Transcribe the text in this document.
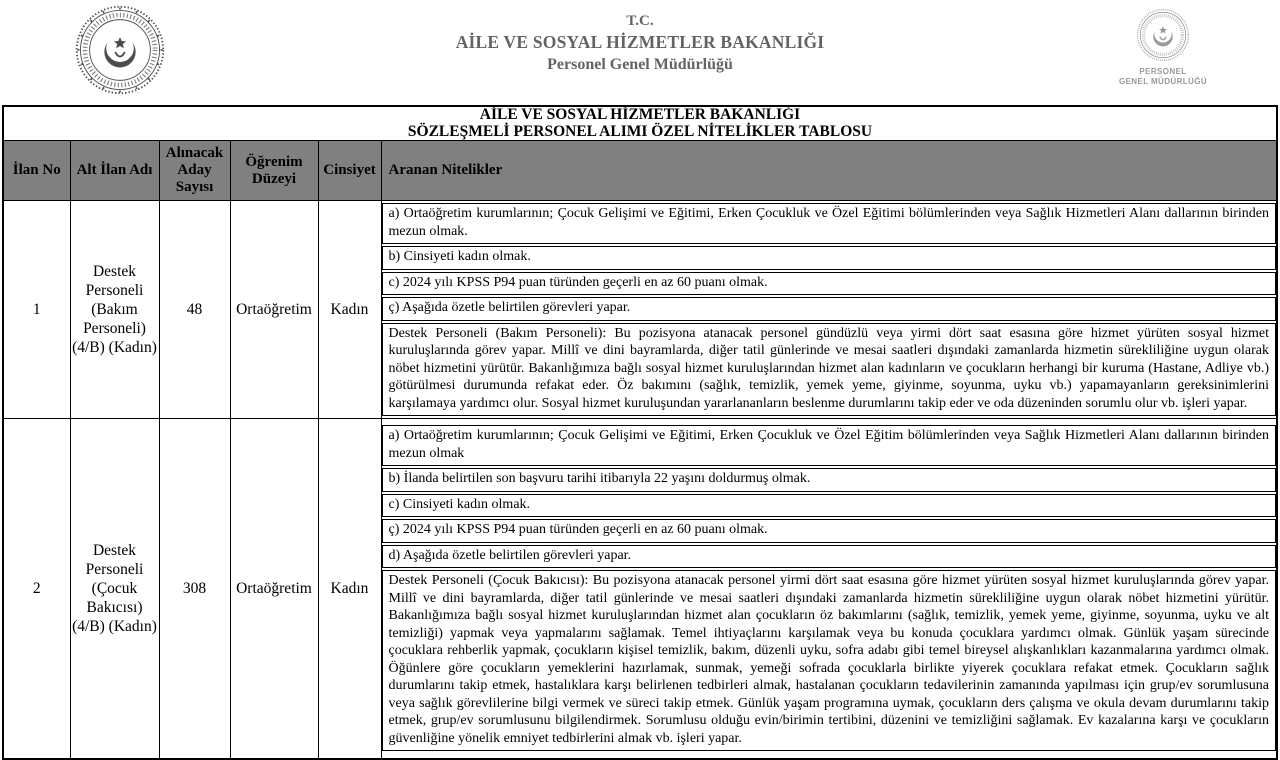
T.C.
AİLE VE SOSYAL HİZMETLER BAKANLIĞI
Personel Genel Müdürlüğü	PERSONEL
GENEL MÜDÜRLÜĞÜ
AİLE VE SOSYAL HİZMETLER BAKANLIĞI
SÖZLEŞMELİ PERSONEL ALIMI ÖZEL NİTELİKLER TABLOSU					

İlan No	Alt İlan Adı	Alınacak Aday Sayısı	Öğrenim Düzeyi	Cinsiyet	Aranan Nitelikler
1	Destek Personeli (Bakım Personeli) (4/B) (Kadın)	48	Ortaöğretim	Kadın	a) Ortaöğretim kurumlarının; Çocuk Gelişimi ve Eğitimi, Erken Çocukluk ve Özel Eğitimi bölümlerinden veya Sağlık Hizmetleri Alanı dallarının birinden mezun olmak.
b) Cinsiyeti kadın olmak.
c) 2024 yılı KPSS P94 puan türünden geçerli en az 60 puanı olmak.
ç) Aşağıda özetle belirtilen görevleri yapar.
Destek Personeli (Bakım Personeli): Bu pozisyona atanacak personel gündüzlü veya yirmi dört saat esasına göre hizmet yürüten sosyal hizmet kuruluşlarında görev yapar. Millî ve dini bayramlarda, diğer tatil günlerinde ve mesai saatleri dışındaki zamanlarda hizmetin sürekliliğine uygun olarak nöbet hizmetini yürütür. Bakanlığımıza bağlı sosyal hizmet kuruluşlarından hizmet alan kadınların ve çocukların herhangi bir kuruma (Hastane, Adliye vb.) götürülmesi durumunda refakat eder. Öz bakımını (sağlık, temizlik, yemek yeme, giyinme, soyunma, uyku vb.) yapamayanların gereksinimlerini karşılamaya yardımcı olur. Sosyal hizmet kuruluşundan yararlananların beslenme durumlarını takip eder ve oda düzeninden sorumlu olur vb. işleri yapar.

2	Destek Personeli (Çocuk Bakıcısı) (4/B) (Kadın)	308	Ortaöğretim	Kadın	
a) Ortaöğretim kurumlarının; Çocuk Gelişimi ve Eğitimi, Erken Çocukluk ve Özel Eğitim bölümlerinden veya Sağlık Hizmetleri Alanı dallarının birinden mezun olmak
b) İlanda belirtilen son başvuru tarihi itibarıyla 22 yaşını doldurmuş olmak.
c) Cinsiyeti kadın olmak.
ç) 2024 yılı KPSS P94 puan türünden geçerli en az 60 puanı olmak.
d) Aşağıda özetle belirtilen görevleri yapar.
Destek Personeli (Çocuk Bakıcısı): Bu pozisyona atanacak personel yirmi dört saat esasına göre hizmet yürüten sosyal hizmet kuruluşlarında görev yapar. Millî ve dini bayramlarda, diğer tatil günlerinde ve mesai saatleri dışındaki zamanlarda hizmetin sürekliliğine uygun olarak nöbet hizmetini yürütür. Bakanlığımıza bağlı sosyal hizmet kuruluşlarından hizmet alan çocukların öz bakımlarını (sağlık, temizlik, yemek yeme, giyinme, soyunma, uyku ve alt temizliği) yapmak veya yapmalarını sağlamak. Temel ihtiyaçlarını karşılamak veya bu konuda çocuklara yardımcı olmak. Günlük yaşam sürecinde çocuklara rehberlik yapmak, çocukların kişisel temizlik, bakım, düzenli uyku, sofra adabı gibi temel bireysel alışkanlıkları kazanmalarına yardımcı olmak. Öğünlere göre çocukların yemeklerini hazırlamak, sunmak, yemeği sofrada çocuklarla birlikte yiyerek çocuklara refakat etmek. Çocukların sağlık durumlarını takip etmek, hastalıklara karşı belirlenen tedbirleri almak, hastalanan çocukların tedavilerinin zamanında yapılması için grup/ev sorumlusuna veya sağlık görevlilerine bilgi vermek ve süreci takip etmek. Günlük yaşam programına uymak, çocukların ders çalışma ve okula devam durumlarını takip etmek, grup/ev sorumlusunu bilgilendirmek. Sorumlusu olduğu evin/birimin tertibini, düzenini ve temizliğini sağlamak. Ev kazalarına karşı ve çocukların güvenliğine yönelik emniyet tedbirlerini almak vb. işleri yapar.
